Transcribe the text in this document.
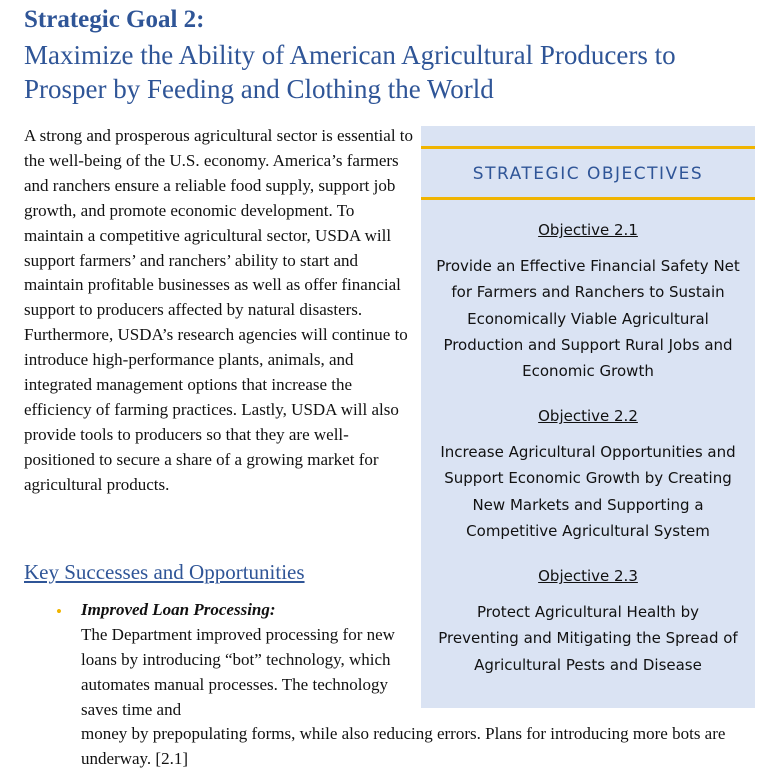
Strategic Goal 2:
Maximize the Ability of American Agricultural Producers to Prosper by Feeding and Clothing the World

A strong and prosperous agricultural sector is essential to the well-being of the U.S. economy. America’s farmers and ranchers ensure a reliable food supply, support job growth, and promote economic development. To maintain a competitive agricultural sector, USDA will support farmers’ and ranchers’ ability to start and maintain profitable businesses as well as offer financial support to producers affected by natural disasters. Furthermore, USDA’s research agencies will continue to introduce high-performance plants, animals, and integrated management options that increase the efficiency of farming practices. Lastly, USDA will also provide tools to producers so that they are well-positioned to secure a share of a growing market for agricultural products.

Key Successes and Opportunities
• Improved Loan Processing:

The Department improved processing for new loans by introducing “bot” technology, which automates manual processes. The technology saves time and

money by prepopulating forms, while also reducing errors. Plans for introducing more bots are underway. [2.1]

STRATEGIC OBJECTIVES
Objective 2.1

Provide an Effective Financial Safety Net for Farmers and Ranchers to Sustain Economically Viable Agricultural Production and Support Rural Jobs and Economic Growth

Objective 2.2

Increase Agricultural Opportunities and Support Economic Growth by Creating New Markets and Supporting a Competitive Agricultural System

Objective 2.3

Protect Agricultural Health by Preventing and Mitigating the Spread of Agricultural Pests and Disease
